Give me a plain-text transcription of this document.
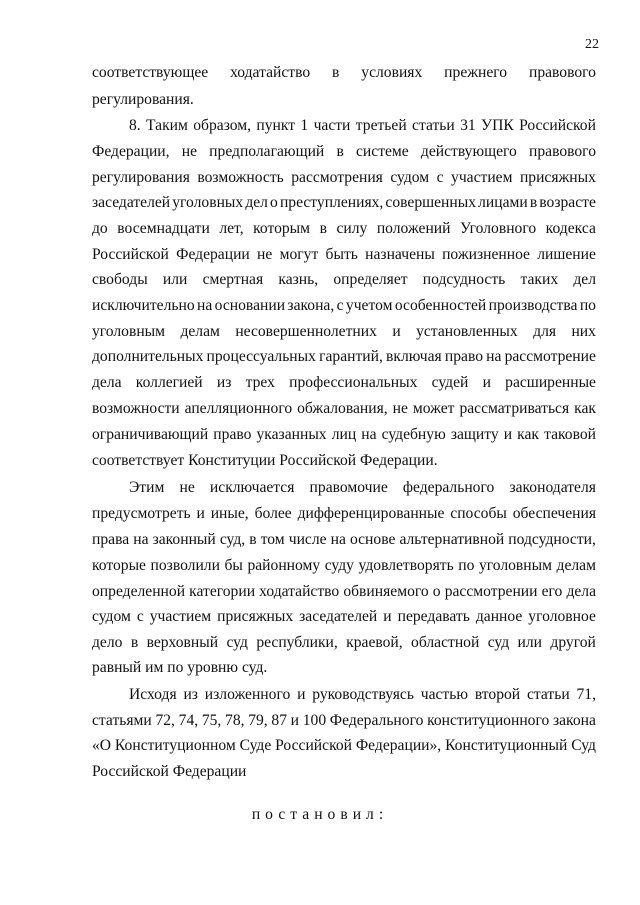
22
соответствующее ходатайство в условиях прежнего правового
регулирования.
8. Таким образом, пункт 1 части третьей статьи 31 УПК Российской
Федерации, не предполагающий в системе действующего правового
регулирования возможность рассмотрения судом с участием присяжных
заседателей уголовных дел о преступлениях, совершенных лицами в возрасте
до восемнадцати лет, которым в силу положений Уголовного кодекса
Российской Федерации не могут быть назначены пожизненное лишение
свободы или смертная казнь, определяет подсудность таких дел
исключительно на основании закона, с учетом особенностей производства по
уголовным делам несовершеннолетних и установленных для них
дополнительных процессуальных гарантий, включая право на рассмотрение
дела коллегией из трех профессиональных судей и расширенные
возможности апелляционного обжалования, не может рассматриваться как
ограничивающий право указанных лиц на судебную защиту и как таковой
соответствует Конституции Российской Федерации.
Этим не исключается правомочие федерального законодателя
предусмотреть и иные, более дифференцированные способы обеспечения
права на законный суд, в том числе на основе альтернативной подсудности,
которые позволили бы районному суду удовлетворять по уголовным делам
определенной категории ходатайство обвиняемого о рассмотрении его дела
судом с участием присяжных заседателей и передавать данное уголовное
дело в верховный суд республики, краевой, областной суд или другой
равный им по уровню суд.
Исходя из изложенного и руководствуясь частью второй статьи 71,
статьями 72, 74, 75, 78, 79, 87 и 100 Федерального конституционного закона
«О Конституционном Суде Российской Федерации», Конституционный Суд
Российской Федерации
постановил:
